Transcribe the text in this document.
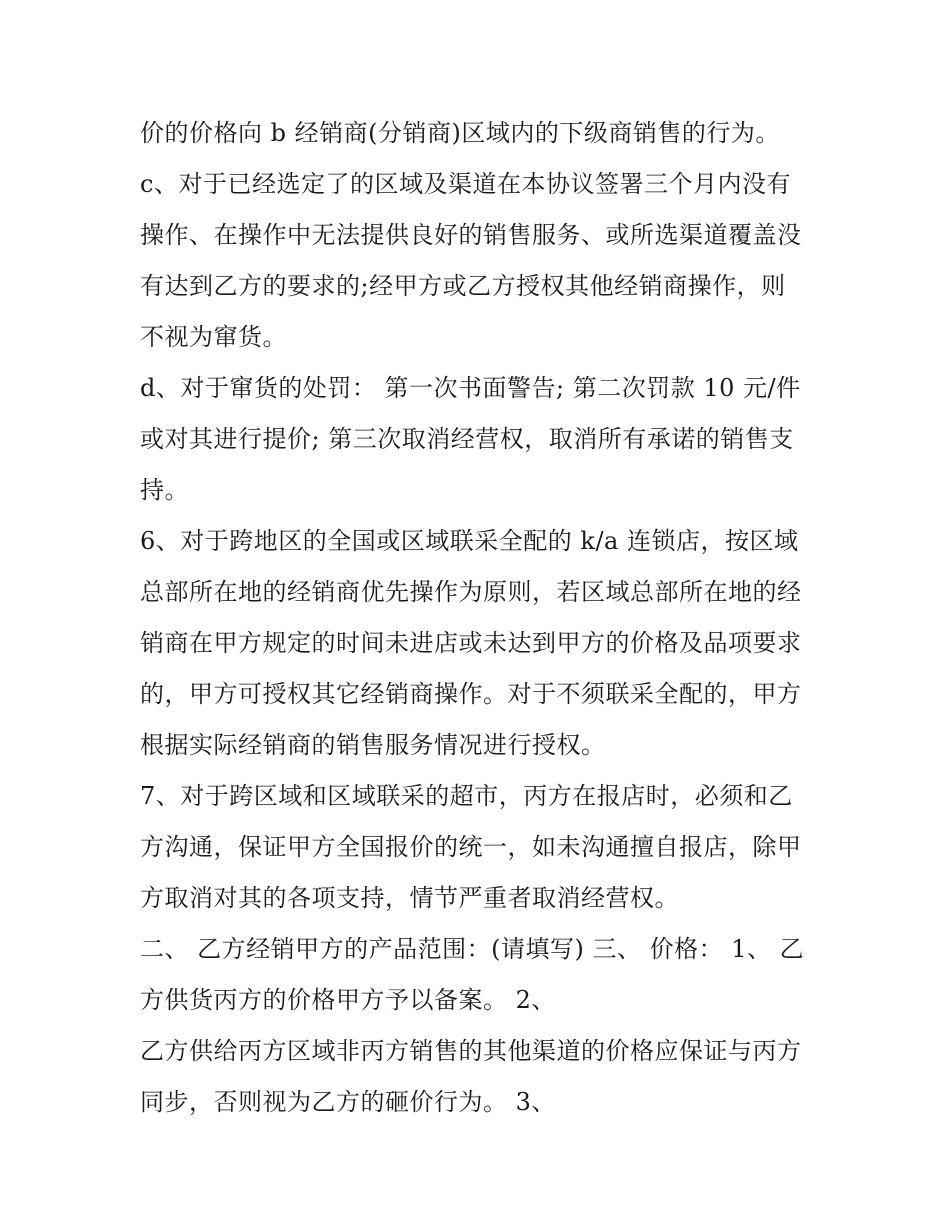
价的价格向 b 经销商(分销商)区域内的下级商销售的行为。
c、对于已经选定了的区域及渠道在本协议签署三个月内没有
操作、在操作中无法提供良好的销售服务、或所选渠道覆盖没
有达到乙方的要求的;经甲方或乙方授权其他经销商操作，则
不视为窜货。
d、对于窜货的处罚： 第一次书面警告; 第二次罚款 10 元/件
或对其进行提价; 第三次取消经营权，取消所有承诺的销售支
持。
6、对于跨地区的全国或区域联采全配的 k/a 连锁店，按区域
总部所在地的经销商优先操作为原则，若区域总部所在地的经
销商在甲方规定的时间未进店或未达到甲方的价格及品项要求
的，甲方可授权其它经销商操作。对于不须联采全配的，甲方
根据实际经销商的销售服务情况进行授权。
7、对于跨区域和区域联采的超市，丙方在报店时，必须和乙
方沟通，保证甲方全国报价的统一，如未沟通擅自报店，除甲
方取消对其的各项支持，情节严重者取消经营权。
二、 乙方经销甲方的产品范围：(请填写) 三、 价格： 1、 乙
方供货丙方的价格甲方予以备案。 2、
乙方供给丙方区域非丙方销售的其他渠道的价格应保证与丙方
同步，否则视为乙方的砸价行为。 3、
